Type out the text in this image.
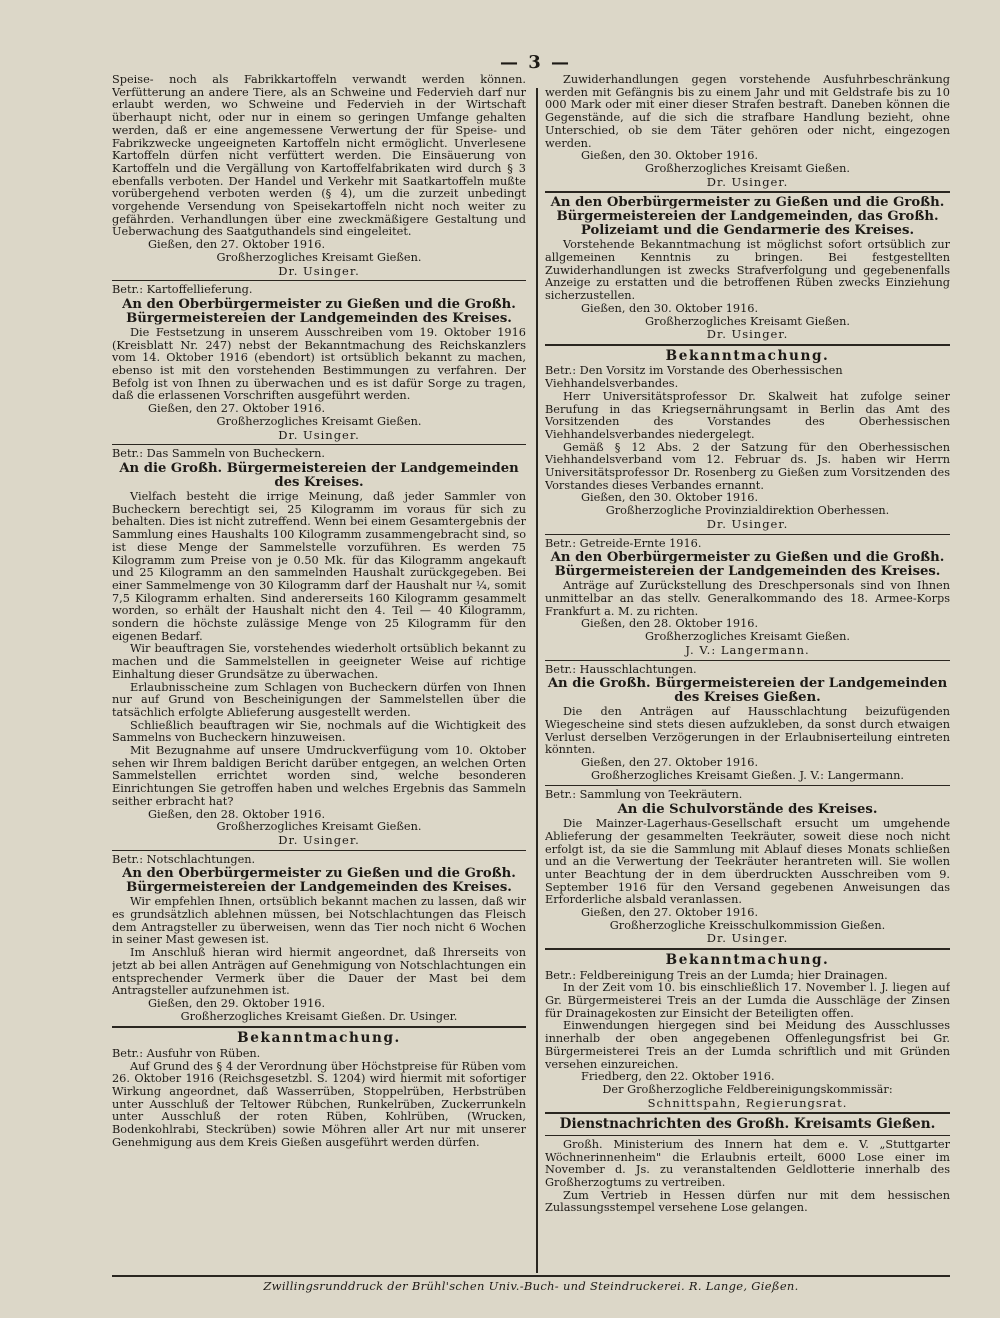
— 3 —

Speise- noch als Fabrikkartoffeln verwandt werden können. Verfütterung an andere Tiere, als an Schweine und Federvieh darf nur erlaubt werden, wo Schweine und Federvieh in der Wirtschaft überhaupt nicht, oder nur in einem so geringen Umfange gehalten werden, daß er eine angemessene Verwertung der für Speise- und Fabrikzwecke ungeeigneten Kartoffeln nicht ermöglicht. Unverlesene Kartoffeln dürfen nicht verfüttert werden. Die Einsäuerung von Kartoffeln und die Vergällung von Kartoffelfabrikaten wird durch § 3 ebenfalls verboten. Der Handel und Verkehr mit Saatkartoffeln mußte vorübergehend verboten werden (§ 4), um die zurzeit unbedingt vorgehende Versendung von Speisekartoffeln nicht noch weiter zu gefährden. Verhandlungen über eine zweckmäßigere Gestaltung und Ueberwachung des Saatguthandels sind eingeleitet.

Gießen, den 27. Oktober 1916.
Großherzogliches Kreisamt Gießen.
Dr. Usinger.
Betr.: Kartoffellieferung.
An den Oberbürgermeister zu Gießen und die Großh. Bürgermeistereien der Landgemeinden des Kreises.

Die Festsetzung in unserem Ausschreiben vom 19. Oktober 1916 (Kreisblatt Nr. 247) nebst der Bekanntmachung des Reichskanzlers vom 14. Oktober 1916 (ebendort) ist ortsüblich bekannt zu machen, ebenso ist mit den vorstehenden Bestimmungen zu verfahren. Der Befolg ist von Ihnen zu überwachen und es ist dafür Sorge zu tragen, daß die erlassenen Vorschriften ausgeführt werden.

Gießen, den 27. Oktober 1916.
Großherzogliches Kreisamt Gießen.
Dr. Usinger.
Betr.: Das Sammeln von Bucheckern.
An die Großh. Bürgermeistereien der Landgemeinden des Kreises.

Vielfach besteht die irrige Meinung, daß jeder Sammler von Bucheckern berechtigt sei, 25 Kilogramm im voraus für sich zu behalten. Dies ist nicht zutreffend. Wenn bei einem Gesamtergebnis der Sammlung eines Haushalts 100 Kilogramm zusammengebracht sind, so ist diese Menge der Sammelstelle vorzuführen. Es werden 75 Kilogramm zum Preise von je 0.50 Mk. für das Kilogramm angekauft und 25 Kilogramm an den sammelnden Haushalt zurückgegeben. Bei einer Sammelmenge von 30 Kilogramm darf der Haushalt nur ¼, somit 7,5 Kilogramm erhalten. Sind andererseits 160 Kilogramm gesammelt worden, so erhält der Haushalt nicht den 4. Teil — 40 Kilogramm, sondern die höchste zulässige Menge von 25 Kilogramm für den eigenen Bedarf.

Wir beauftragen Sie, vorstehendes wiederholt ortsüblich bekannt zu machen und die Sammelstellen in geeigneter Weise auf richtige Einhaltung dieser Grundsätze zu überwachen.

Erlaubnisscheine zum Schlagen von Bucheckern dürfen von Ihnen nur auf Grund von Bescheinigungen der Sammelstellen über die tatsächlich erfolgte Ablieferung ausgestellt werden.

Schließlich beauftragen wir Sie, nochmals auf die Wichtigkeit des Sammelns von Bucheckern hinzuweisen.

Mit Bezugnahme auf unsere Umdruckverfügung vom 10. Oktober sehen wir Ihrem baldigen Bericht darüber entgegen, an welchen Orten Sammelstellen errichtet worden sind, welche besonderen Einrichtungen Sie getroffen haben und welches Ergebnis das Sammeln seither erbracht hat?

Gießen, den 28. Oktober 1916.
Großherzogliches Kreisamt Gießen.
Dr. Usinger.
Betr.: Notschlachtungen.
An den Oberbürgermeister zu Gießen und die Großh. Bürgermeistereien der Landgemeinden des Kreises.

Wir empfehlen Ihnen, ortsüblich bekannt machen zu lassen, daß wir es grundsätzlich ablehnen müssen, bei Notschlachtungen das Fleisch dem Antragsteller zu überweisen, wenn das Tier noch nicht 6 Wochen in seiner Mast gewesen ist.

Im Anschluß hieran wird hiermit angeordnet, daß Ihrerseits von jetzt ab bei allen Anträgen auf Genehmigung von Notschlachtungen ein entsprechender Vermerk über die Dauer der Mast bei dem Antragsteller aufzunehmen ist.

Gießen, den 29. Oktober 1916.
Großherzogliches Kreisamt Gießen. Dr. Usinger.
Bekanntmachung.
Betr.: Ausfuhr von Rüben.

Auf Grund des § 4 der Verordnung über Höchstpreise für Rüben vom 26. Oktober 1916 (Reichsgesetzbl. S. 1204) wird hiermit mit sofortiger Wirkung angeordnet, daß Wasserrüben, Stoppelrüben, Herbstrüben unter Ausschluß der Teltower Rübchen, Runkelrüben, Zuckerrunkeln unter Ausschluß der roten Rüben, Kohlrüben, (Wrucken, Bodenkohlrabi, Steckrüben) sowie Möhren aller Art nur mit unserer Genehmigung aus dem Kreis Gießen ausgeführt werden dürfen.

Zuwiderhandlungen gegen vorstehende Ausfuhrbeschränkung werden mit Gefängnis bis zu einem Jahr und mit Geldstrafe bis zu 10 000 Mark oder mit einer dieser Strafen bestraft. Daneben können die Gegenstände, auf die sich die strafbare Handlung bezieht, ohne Unterschied, ob sie dem Täter gehören oder nicht, eingezogen werden.

Gießen, den 30. Oktober 1916.
Großherzogliches Kreisamt Gießen.
Dr. Usinger.
An den Oberbürgermeister zu Gießen und die Großh. Bürgermeistereien der Landgemeinden, das Großh. Polizeiamt und die Gendarmerie des Kreises.

Vorstehende Bekanntmachung ist möglichst sofort ortsüblich zur allgemeinen Kenntnis zu bringen. Bei festgestellten Zuwiderhandlungen ist zwecks Strafverfolgung und gegebenenfalls Anzeige zu erstatten und die betroffenen Rüben zwecks Einziehung sicherzustellen.

Gießen, den 30. Oktober 1916.
Großherzogliches Kreisamt Gießen.
Dr. Usinger.
Bekanntmachung.
Betr.: Den Vorsitz im Vorstande des Oberhessischen Viehhandelsverbandes.

Herr Universitätsprofessor Dr. Skalweit hat zufolge seiner Berufung in das Kriegsernährungsamt in Berlin das Amt des Vorsitzenden des Vorstandes des Oberhessischen Viehhandelsverbandes niedergelegt.

Gemäß § 12 Abs. 2 der Satzung für den Oberhessischen Viehhandelsverband vom 12. Februar ds. Js. haben wir Herrn Universitätsprofessor Dr. Rosenberg zu Gießen zum Vorsitzenden des Vorstandes dieses Verbandes ernannt.

Gießen, den 30. Oktober 1916.
Großherzogliche Provinzialdirektion Oberhessen.
Dr. Usinger.
Betr.: Getreide-Ernte 1916.
An den Oberbürgermeister zu Gießen und die Großh. Bürgermeistereien der Landgemeinden des Kreises.

Anträge auf Zurückstellung des Dreschpersonals sind von Ihnen unmittelbar an das stellv. Generalkommando des 18. Armee-Korps Frankfurt a. M. zu richten.

Gießen, den 28. Oktober 1916.
Großherzogliches Kreisamt Gießen.
J. V.: Langermann.
Betr.: Hausschlachtungen.
An die Großh. Bürgermeistereien der Landgemeinden des Kreises Gießen.

Die den Anträgen auf Hausschlachtung beizufügenden Wiegescheine sind stets diesen aufzukleben, da sonst durch etwaigen Verlust derselben Verzögerungen in der Erlaubniserteilung eintreten könnten.

Gießen, den 27. Oktober 1916.
Großherzogliches Kreisamt Gießen. J. V.: Langermann.
Betr.: Sammlung von Teekräutern.
An die Schulvorstände des Kreises.

Die Mainzer-Lagerhaus-Gesellschaft ersucht um umgehende Ablieferung der gesammelten Teekräuter, soweit diese noch nicht erfolgt ist, da sie die Sammlung mit Ablauf dieses Monats schließen und an die Verwertung der Teekräuter herantreten will. Sie wollen unter Beachtung der in dem überdruckten Ausschreiben vom 9. September 1916 für den Versand gegebenen Anweisungen das Erforderliche alsbald veranlassen.

Gießen, den 27. Oktober 1916.
Großherzogliche Kreisschulkommission Gießen.
Dr. Usinger.
Bekanntmachung.
Betr.: Feldbereinigung Treis an der Lumda; hier Drainagen.

In der Zeit vom 10. bis einschließlich 17. November l. J. liegen auf Gr. Bürgermeisterei Treis an der Lumda die Ausschläge der Zinsen für Drainagekosten zur Einsicht der Beteiligten offen.

Einwendungen hiergegen sind bei Meidung des Ausschlusses innerhalb der oben angegebenen Offenlegungsfrist bei Gr. Bürgermeisterei Treis an der Lumda schriftlich und mit Gründen versehen einzureichen.

Friedberg, den 22. Oktober 1916.
Der Großherzogliche Feldbereinigungskommissär:
Schnittspahn, Regierungsrat.
Dienstnachrichten des Großh. Kreisamts Gießen.

Großh. Ministerium des Innern hat dem e. V. „Stuttgarter Wöchnerinnenheim" die Erlaubnis erteilt, 6000 Lose einer im November d. Js. zu veranstaltenden Geldlotterie innerhalb des Großherzogtums zu vertreiben.

Zum Vertrieb in Hessen dürfen nur mit dem hessischen Zulassungsstempel versehene Lose gelangen.

Zwillingsrunddruck der Brühl'schen Univ.-Buch- und Steindruckerei. R. Lange, Gießen.
